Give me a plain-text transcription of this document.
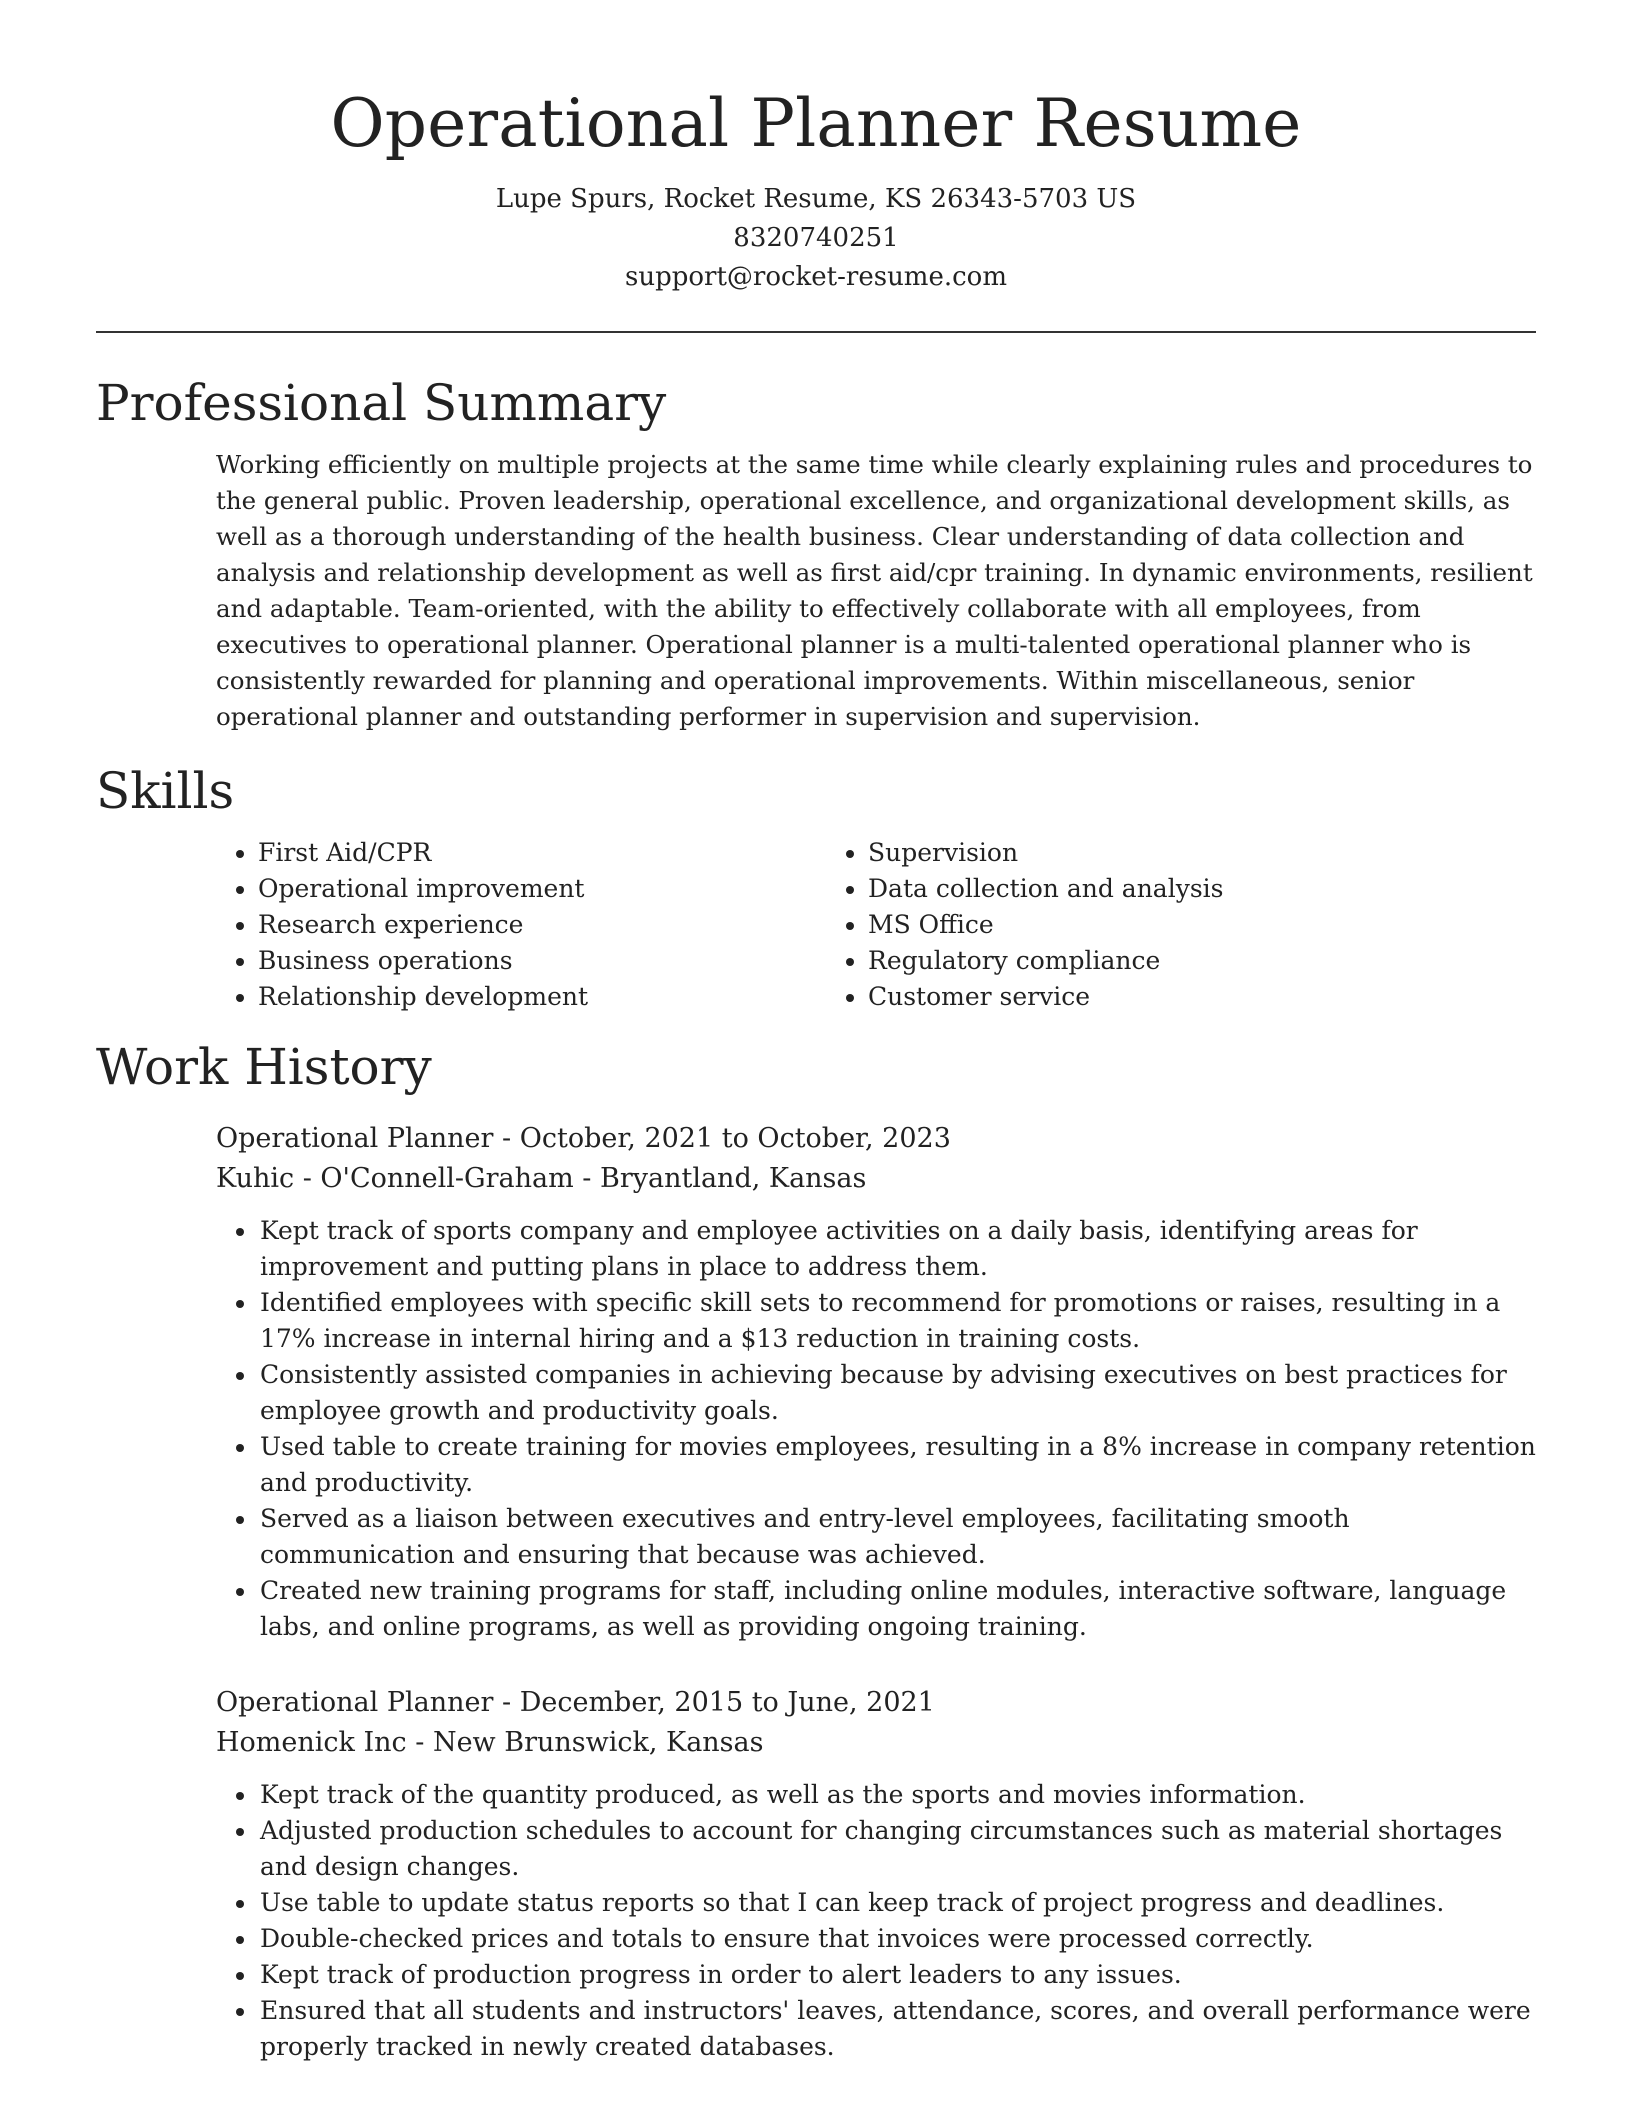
Operational Planner Resume
Lupe Spurs, Rocket Resume, KS 26343-5703 US
8320740251
support@rocket-resume.com
Professional Summary

Working efficiently on multiple projects at the same time while clearly explaining rules and procedures to the general public. Proven leadership, operational excellence, and organizational development skills, as well as a thorough understanding of the health business. Clear understanding of data collection and analysis and relationship development as well as first aid/cpr training. In dynamic environments, resilient and adaptable. Team-oriented, with the ability to effectively collaborate with all employees, from executives to operational planner. Operational planner is a multi-talented operational planner who is consistently rewarded for planning and operational improvements. Within miscellaneous, senior operational planner and outstanding performer in supervision and supervision.

Skills
• First Aid/CPR
• Operational improvement
• Research experience
• Business operations
• Relationship development
• Supervision
• Data collection and analysis
• MS Office
• Regulatory compliance
• Customer service
Work History
Operational Planner - October, 2021 to October, 2023
Kuhic - O'Connell-Graham - Bryantland, Kansas
• Kept track of sports company and employee activities on a daily basis, identifying areas for improvement and putting plans in place to address them.
• Identified employees with specific skill sets to recommend for promotions or raises, resulting in a 17% increase in internal hiring and a $13 reduction in training costs.
• Consistently assisted companies in achieving because by advising executives on best practices for employee growth and productivity goals.
• Used table to create training for movies employees, resulting in a 8% increase in company retention and productivity.
• Served as a liaison between executives and entry-level employees, facilitating smooth communication and ensuring that because was achieved.
• Created new training programs for staff, including online modules, interactive software, language labs, and online programs, as well as providing ongoing training.
Operational Planner - December, 2015 to June, 2021
Homenick Inc - New Brunswick, Kansas
• Kept track of the quantity produced, as well as the sports and movies information.
• Adjusted production schedules to account for changing circumstances such as material shortages and design changes.
• Use table to update status reports so that I can keep track of project progress and deadlines.
• Double-checked prices and totals to ensure that invoices were processed correctly.
• Kept track of production progress in order to alert leaders to any issues.
• Ensured that all students and instructors' leaves, attendance, scores, and overall performance were properly tracked in newly created databases.
